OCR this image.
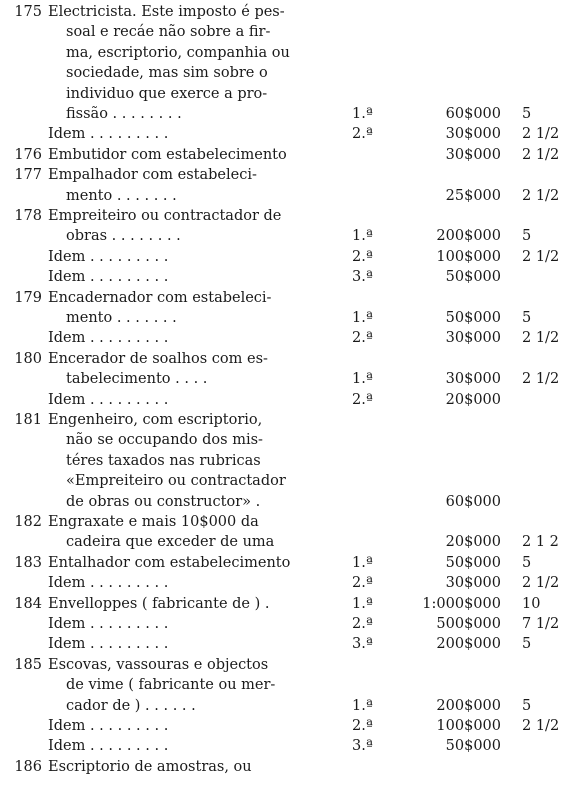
175 Electricista. Este imposto é pes-
soal e recáe não sobre a fir-
ma, escriptorio, companhia ou
sociedade, mas sim sobre o
individuo que exerce a pro-
fissão . . . . . . . .	1.ª	60$000 5
Idem . . . . . . . . .	2.ª	30$000 2 1/2
176 Embutidor com estabelecimento	30$000 2 1/2
177 Empalhador com estabeleci-
mento . . . . . . .	25$000 2 1/2
178 Empreiteiro ou contractador de
obras . . . . . . . .	1.ª	200$000 5
Idem . . . . . . . . .	2.ª	100$000 2 1/2
Idem . . . . . . . . .	3.ª	50$000
179 Encadernador com estabeleci-
mento . . . . . . .	1.ª	50$000 5
Idem . . . . . . . . .	2.ª	30$000 2 1/2
180 Encerador de soalhos com es-
tabelecimento . . . .	1.ª	30$000 2 1/2
Idem . . . . . . . . .	2.ª	20$000
181 Engenheiro, com escriptorio,
não se occupando dos mis-
téres taxados nas rubricas
«Empreiteiro ou contractador
de obras ou constructor» .	60$000
182 Engraxate e mais 10$000 da
cadeira que exceder de uma	20$000 2 1 2
183 Entalhador com estabelecimento	1.ª	50$000 5
Idem . . . . . . . . .	2.ª	30$000 2 1/2
184 Envelloppes ( fabricante de ) .	1.ª	1:000$000 10
Idem . . . . . . . . .	2.ª	500$000 7 1/2
Idem . . . . . . . . .	3.ª	200$000 5
185 Escovas, vassouras e objectos
de vime ( fabricante ou mer-
cador de ) . . . . . .	1.ª	200$000 5
Idem . . . . . . . . .	2.ª	100$000 2 1/2
Idem . . . . . . . . .	3.ª	50$000
186 Escriptorio de amostras, ou
